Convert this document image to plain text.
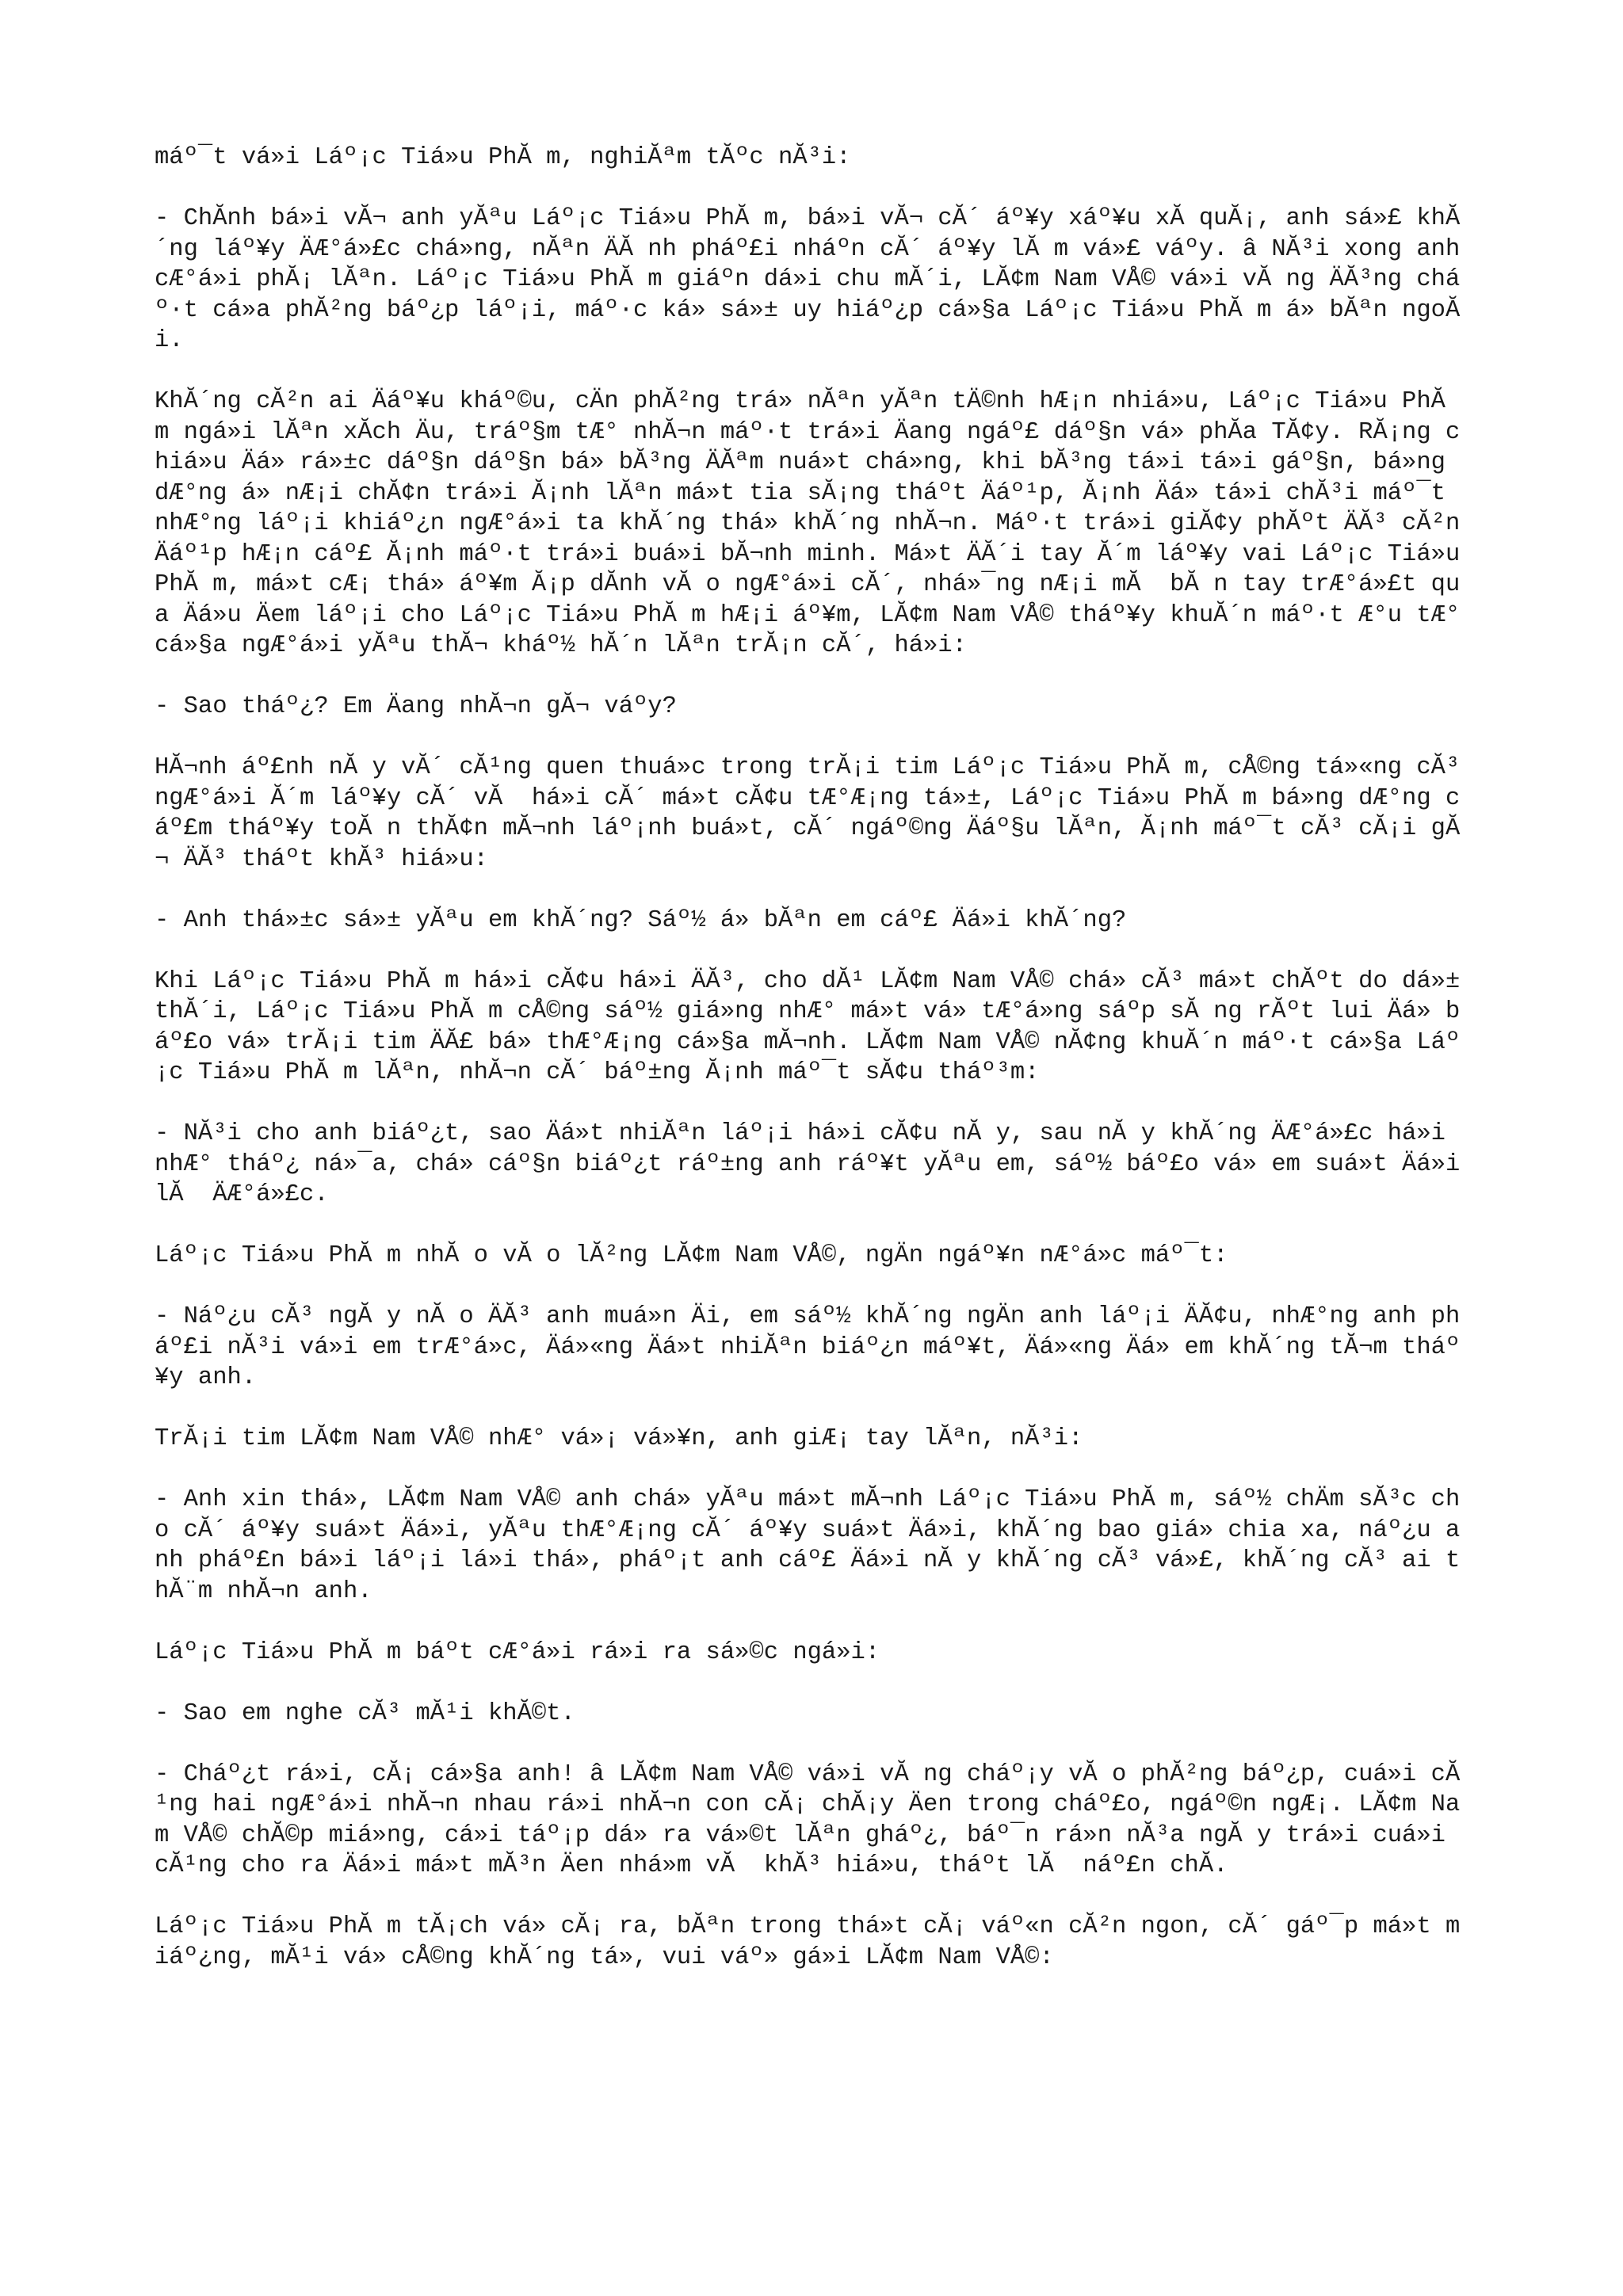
máº¯t vá»i Láº¡c Tiá»u PhĂ m, nghiĂªm tĂºc nĂ³i:

- ChĂnh bá»i vĂ¬ anh yĂªu Láº¡c Tiá»u PhĂ m, bá»i vĂ¬ cĂ´ áº¥y xáº¥u xĂ quĂ¡, anh sá»£ khĂ´ng láº¥y ÄÆ°á»£c chá»ng, nĂªn ÄĂ nh pháº£i nháºn cĂ´ áº¥y lĂ m vá»£ váºy. â NĂ³i xong anh cÆ°á»i phĂ¡ lĂªn. Láº¡c Tiá»u PhĂ m giáºn dá»i chu mĂ´i, LĂ¢m Nam VÅ© vá»i vĂ ng ÄĂ³ng cháº·t cá»a phĂ²ng báº¿p láº¡i, máº·c ká» sá»± uy hiáº¿p cá»§a Láº¡c Tiá»u PhĂ m á» bĂªn ngoĂ i.

KhĂ´ng cĂ²n ai Äáº¥u kháº©u, cÄn phĂ²ng trá» nĂªn yĂªn tÄ©nh hÆ¡n nhiá»u, Láº¡c Tiá»u PhĂ m ngá»i lĂªn xĂch Äu, tráº§m tÆ° nhĂ¬n máº·t trá»i Äang ngáº£ dáº§n vá» phĂa TĂ¢y. RĂ¡ng chiá»u Äá» rá»±c dáº§n dáº§n bá» bĂ³ng ÄĂªm nuá»t chá»ng, khi bĂ³ng tá»i tá»i gáº§n, bá»ng dÆ°ng á» nÆ¡i chĂ¢n trá»i Ă¡nh lĂªn má»t tia sĂ¡ng tháºt Äáº¹p, Ă¡nh Äá» tá»i chĂ³i máº¯t nhÆ°ng láº¡i khiáº¿n ngÆ°á»i ta khĂ´ng thá» khĂ´ng nhĂ¬n. Máº·t trá»i giĂ¢y phĂºt ÄĂ³ cĂ²n Äáº¹p hÆ¡n cáº£ Ă¡nh máº·t trá»i buá»i bĂ¬nh minh. Má»t ÄĂ´i tay Ă´m láº¥y vai Láº¡c Tiá»u PhĂ m, má»t cÆ¡ thá» áº¥m Ă¡p dĂnh vĂ o ngÆ°á»i cĂ´, nhá»¯ng nÆ¡i mĂ  bĂ n tay trÆ°á»£t qua Äá»u Äem láº¡i cho Láº¡c Tiá»u PhĂ m hÆ¡i áº¥m, LĂ¢m Nam VÅ© tháº¥y khuĂ´n máº·t Æ°u tÆ° cá»§a ngÆ°á»i yĂªu thĂ¬ kháº½ hĂ´n lĂªn trĂ¡n cĂ´, há»i:

- Sao tháº¿? Em Äang nhĂ¬n gĂ¬ váºy?

HĂ¬nh áº£nh nĂ y vĂ´ cĂ¹ng quen thuá»c trong trĂ¡i tim Láº¡c Tiá»u PhĂ m, cÅ©ng tá»«ng cĂ³ ngÆ°á»i Ă´m láº¥y cĂ´ vĂ  há»i cĂ´ má»t cĂ¢u tÆ°Æ¡ng tá»±, Láº¡c Tiá»u PhĂ m bá»ng dÆ°ng cáº£m tháº¥y toĂ n thĂ¢n mĂ¬nh láº¡nh buá»t, cĂ´ ngáº©ng Äáº§u lĂªn, Ă¡nh máº¯t cĂ³ cĂ¡i gĂ¬ ÄĂ³ tháºt khĂ³ hiá»u:

- Anh thá»±c sá»± yĂªu em khĂ´ng? Sáº½ á» bĂªn em cáº£ Äá»i khĂ´ng?

Khi Láº¡c Tiá»u PhĂ m há»i cĂ¢u há»i ÄĂ³, cho dĂ¹ LĂ¢m Nam VÅ© chá» cĂ³ má»t chĂºt do dá»± thĂ´i, Láº¡c Tiá»u PhĂ m cÅ©ng sáº½ giá»ng nhÆ° má»t vá» tÆ°á»ng sáºp sĂ ng rĂºt lui Äá» báº£o vá» trĂ¡i tim ÄĂ£ bá» thÆ°Æ¡ng cá»§a mĂ¬nh. LĂ¢m Nam VÅ© nĂ¢ng khuĂ´n máº·t cá»§a Láº¡c Tiá»u PhĂ m lĂªn, nhĂ¬n cĂ´ báº±ng Ă¡nh máº¯t sĂ¢u tháº³m:

- NĂ³i cho anh biáº¿t, sao Äá»t nhiĂªn láº¡i há»i cĂ¢u nĂ y, sau nĂ y khĂ´ng ÄÆ°á»£c há»i nhÆ° tháº¿ ná»¯a, chá» cáº§n biáº¿t ráº±ng anh ráº¥t yĂªu em, sáº½ báº£o vá» em suá»t Äá»i lĂ  ÄÆ°á»£c.

Láº¡c Tiá»u PhĂ m nhĂ o vĂ o lĂ²ng LĂ¢m Nam VÅ©, ngÄn ngáº¥n nÆ°á»c máº¯t:

- Náº¿u cĂ³ ngĂ y nĂ o ÄĂ³ anh muá»n Äi, em sáº½ khĂ´ng ngÄn anh láº¡i ÄĂ¢u, nhÆ°ng anh pháº£i nĂ³i vá»i em trÆ°á»c, Äá»«ng Äá»t nhiĂªn biáº¿n máº¥t, Äá»«ng Äá» em khĂ´ng tĂ¬m tháº¥y anh.

TrĂ¡i tim LĂ¢m Nam VÅ© nhÆ° vá»¡ vá»¥n, anh giÆ¡ tay lĂªn, nĂ³i:

- Anh xin thá», LĂ¢m Nam VÅ© anh chá» yĂªu má»t mĂ¬nh Láº¡c Tiá»u PhĂ m, sáº½ chÄm sĂ³c cho cĂ´ áº¥y suá»t Äá»i, yĂªu thÆ°Æ¡ng cĂ´ áº¥y suá»t Äá»i, khĂ´ng bao giá» chia xa, náº¿u anh pháº£n bá»i láº¡i lá»i thá», pháº¡t anh cáº£ Äá»i nĂ y khĂ´ng cĂ³ vá»£, khĂ´ng cĂ³ ai thĂ¨m nhĂ¬n anh.

Láº¡c Tiá»u PhĂ m báºt cÆ°á»i rá»i ra sá»©c ngá»i:

- Sao em nghe cĂ³ mĂ¹i khĂ©t.

- Cháº¿t rá»i, cĂ¡ cá»§a anh! â LĂ¢m Nam VÅ© vá»i vĂ ng cháº¡y vĂ o phĂ²ng báº¿p, cuá»i cĂ¹ng hai ngÆ°á»i nhĂ¬n nhau rá»i nhĂ¬n con cĂ¡ chĂ¡y Äen trong cháº£o, ngáº©n ngÆ¡. LĂ¢m Nam VÅ© chĂ©p miá»ng, cá»i táº¡p dá» ra vá»©t lĂªn gháº¿, báº¯n rá»n nĂ³a ngĂ y trá»i cuá»i cĂ¹ng cho ra Äá»i má»t mĂ³n Äen nhá»m vĂ  khĂ³ hiá»u, tháºt lĂ  náº£n chĂ.

Láº¡c Tiá»u PhĂ m tĂ¡ch vá» cĂ¡ ra, bĂªn trong thá»t cĂ¡ váº«n cĂ²n ngon, cĂ´ gáº¯p má»t miáº¿ng, mĂ¹i vá» cÅ©ng khĂ´ng tá», vui váº» gá»i LĂ¢m Nam VÅ©:
